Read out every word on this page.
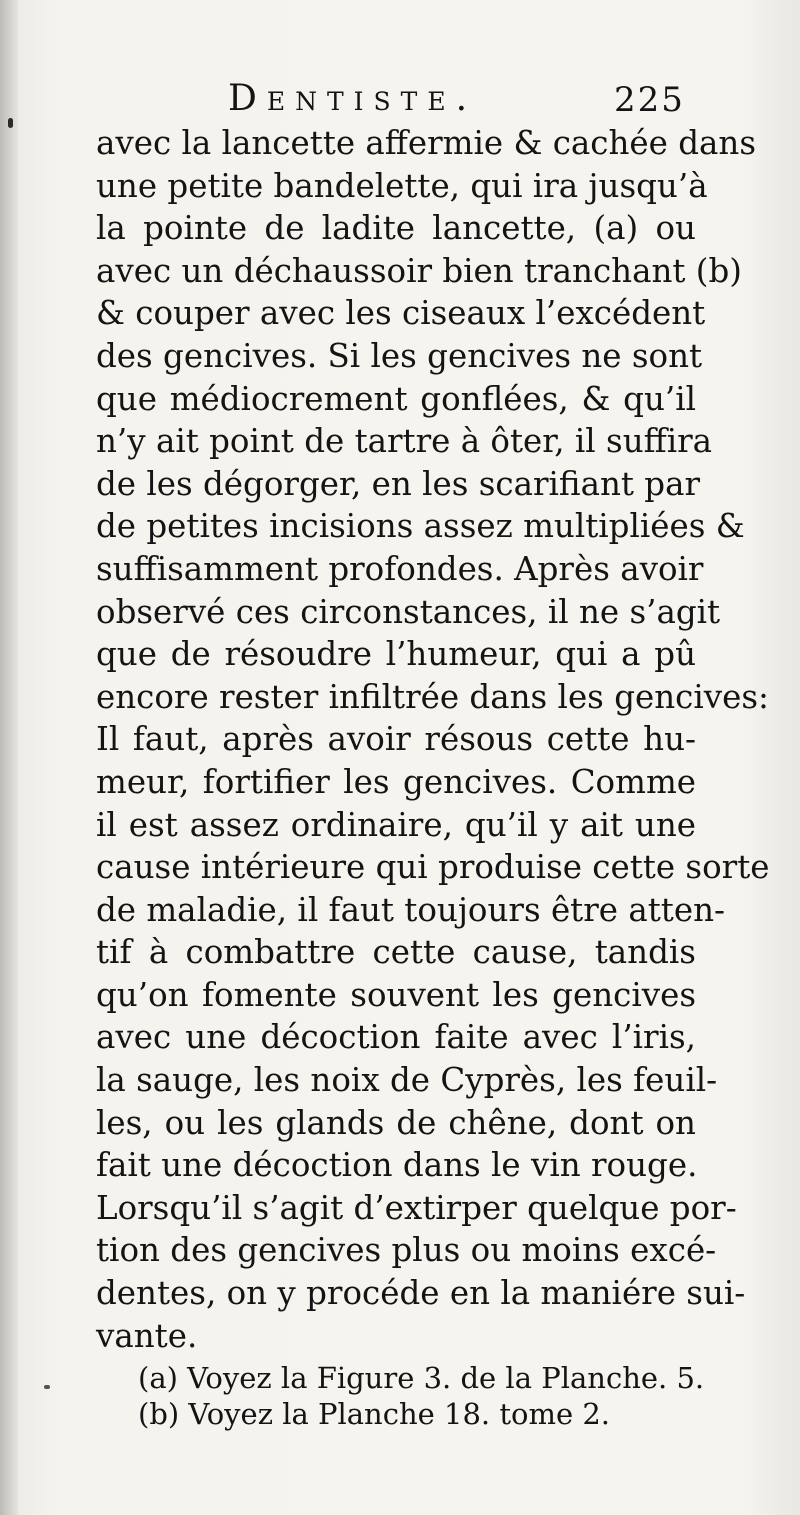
Dentiste.	225
avec la lancette affermie & cachée dans
une petite bandelette, qui ira jusqu’à
la pointe de ladite lancette, (a) ou
avec un déchaussoir bien tranchant (b)
& couper avec les ciseaux l’excédent
des gencives. Si les gencives ne sont
que médiocrement gonflées, & qu’il
n’y ait point de tartre à ôter, il suffira
de les dégorger, en les scarifiant par
de petites incisions assez multipliées &
suffisamment profondes. Après avoir
observé ces circonstances, il ne s’agit
que de résoudre l’humeur, qui a pû
encore rester infiltrée dans les gencives:
Il faut, après avoir résous cette hu-
meur, fortifier les gencives. Comme
il est assez ordinaire, qu’il y ait une
cause intérieure qui produise cette sorte
de maladie, il faut toujours être atten-
tif à combattre cette cause, tandis
qu’on fomente souvent les gencives
avec une décoction faite avec l’iris,
la sauge, les noix de Cyprès, les feuil-
les, ou les glands de chêne, dont on
fait une décoction dans le vin rouge.
Lorsqu’il s’agit d’extirper quelque por-
tion des gencives plus ou moins excé-
dentes, on y procéde en la maniére sui-
vante.
(a) Voyez la Figure 3. de la Planche. 5.
(b) Voyez la Planche 18. tome 2.
